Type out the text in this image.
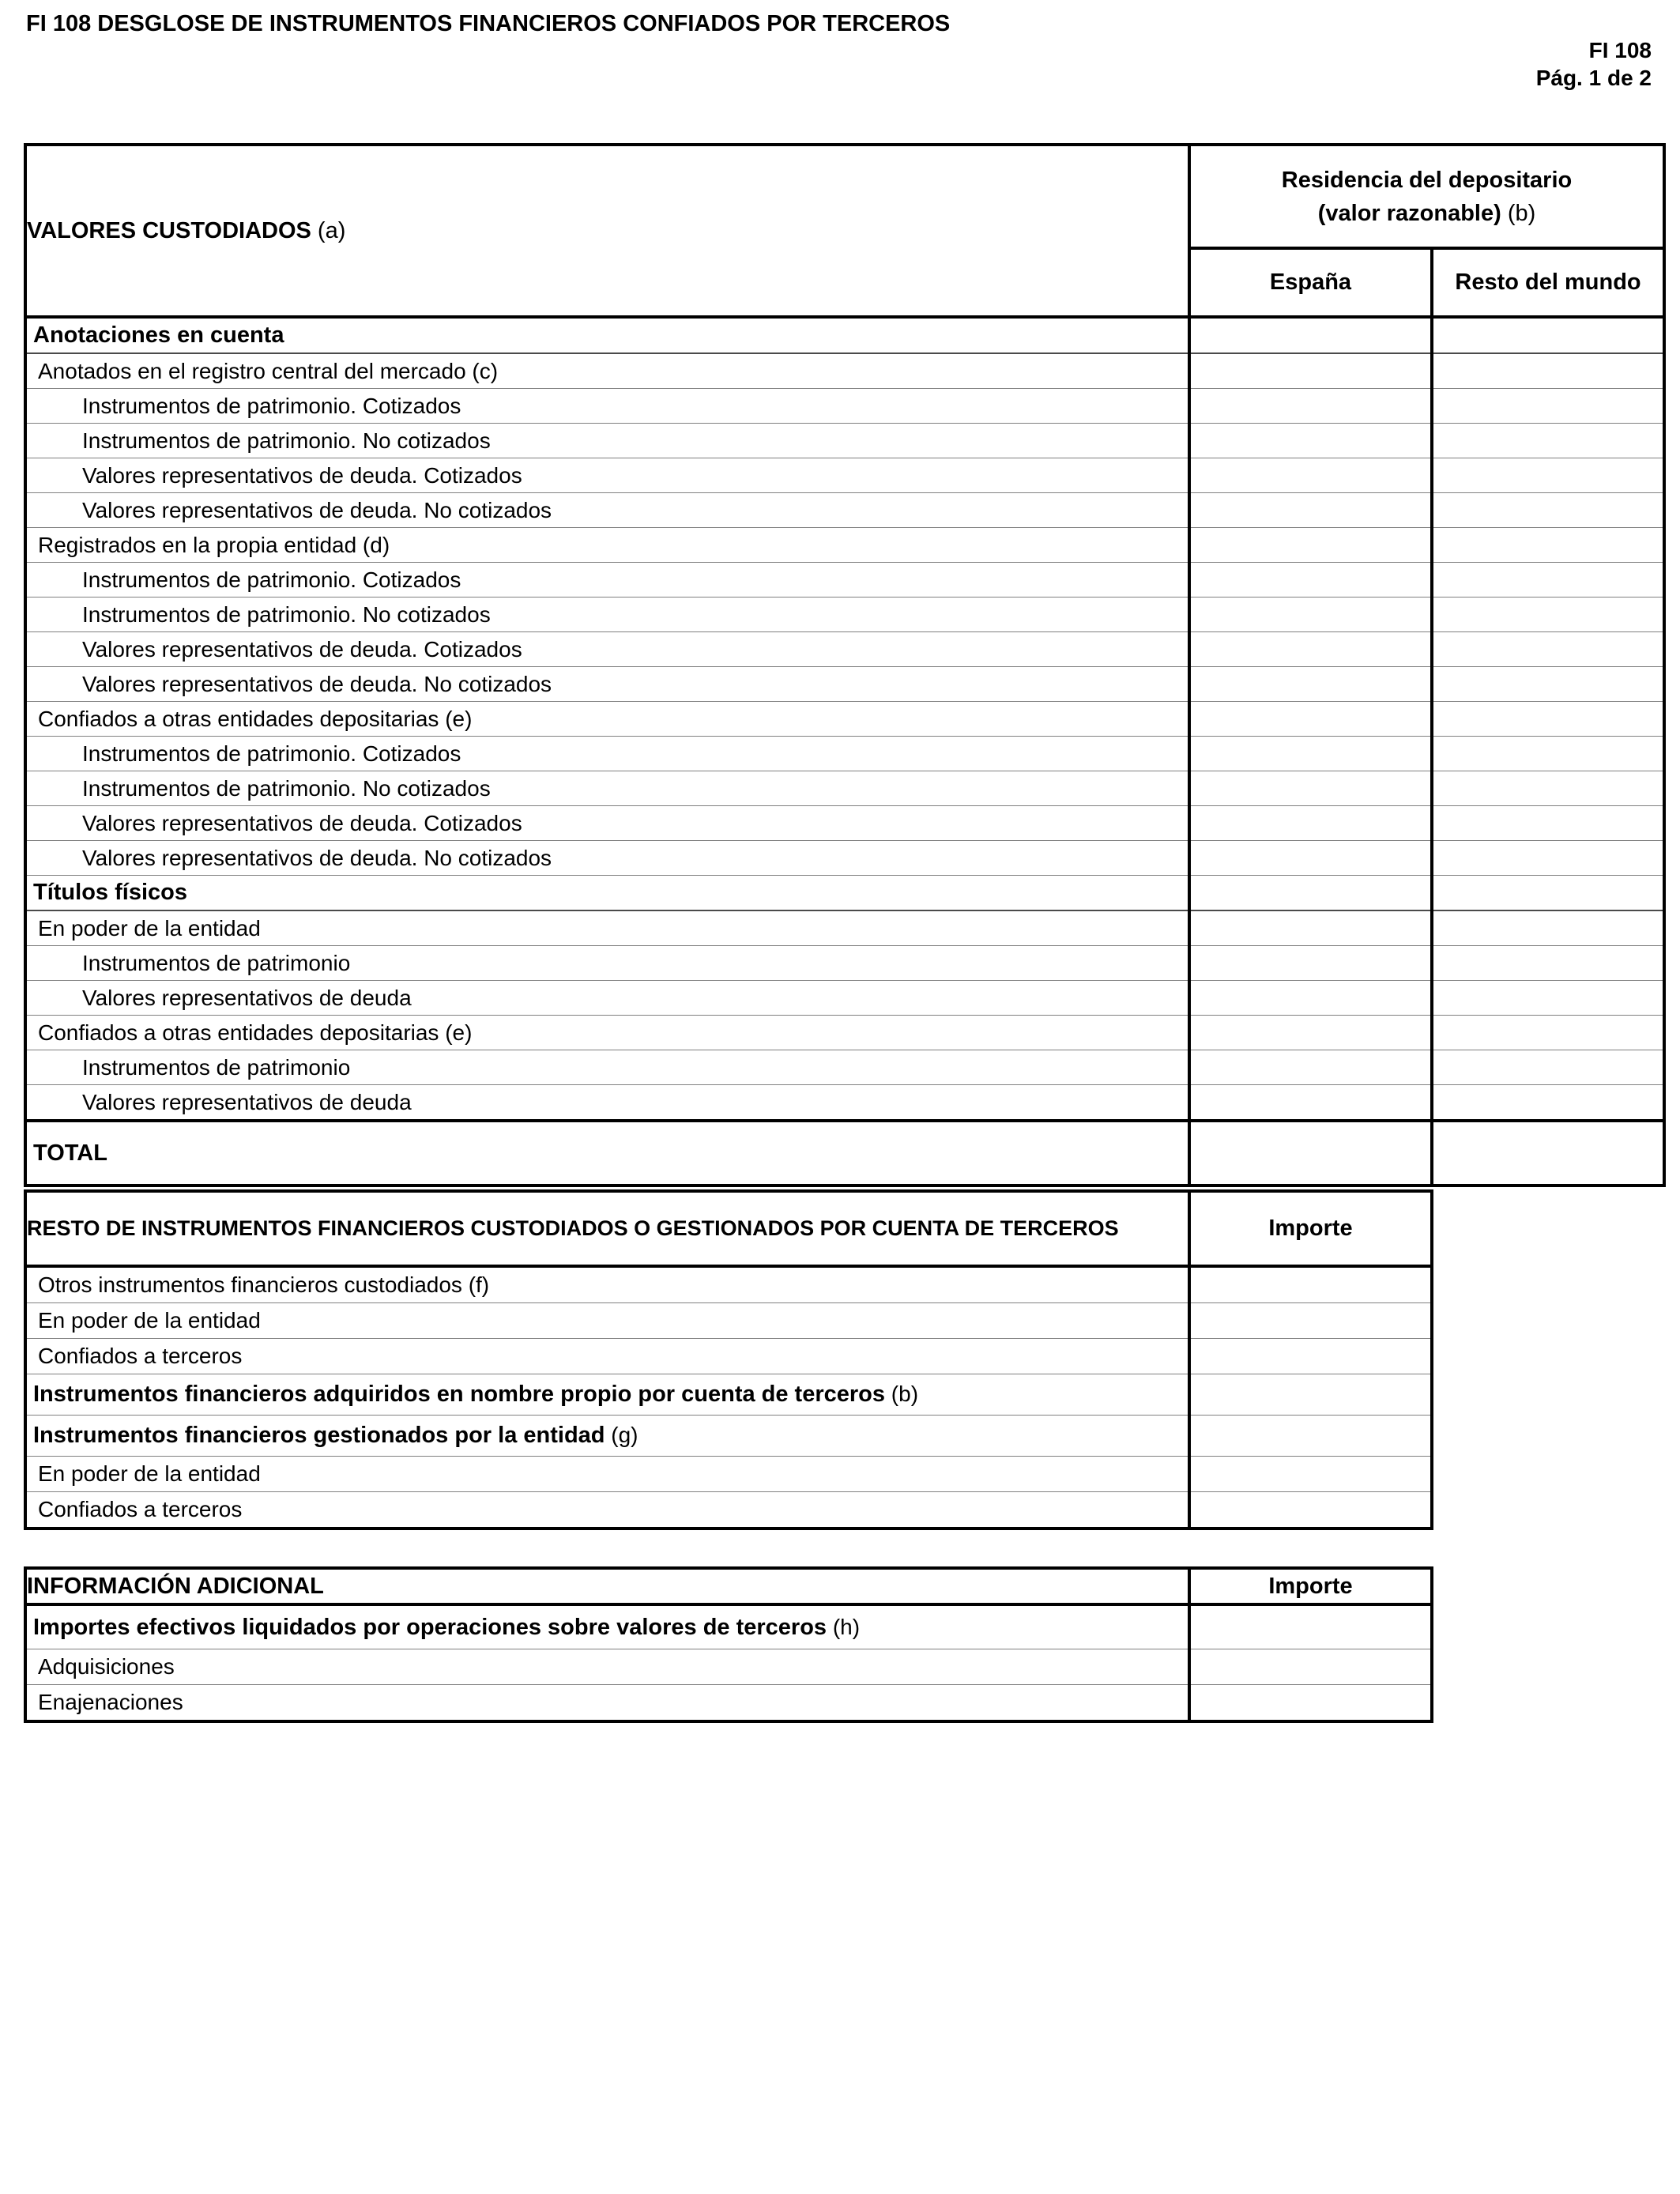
FI 108 DESGLOSE DE INSTRUMENTOS FINANCIEROS CONFIADOS POR TERCEROS
FI 108
Pág. 1 de 2
VALORES CUSTODIADOS (a)	Residencia del depositario
(valor razonable) (b)	

	España	Resto del mundo
Anotaciones en cuenta		
Anotados en el registro central del mercado (c)		
Instrumentos de patrimonio. Cotizados		
Instrumentos de patrimonio. No cotizados		
Valores representativos de deuda. Cotizados		
Valores representativos de deuda. No cotizados		
Registrados en la propia entidad (d)		
Instrumentos de patrimonio. Cotizados		
Instrumentos de patrimonio. No cotizados		
Valores representativos de deuda. Cotizados		
Valores representativos de deuda. No cotizados		
Confiados a otras entidades depositarias (e)		
Instrumentos de patrimonio. Cotizados		
Instrumentos de patrimonio. No cotizados		
Valores representativos de deuda. Cotizados		
Valores representativos de deuda. No cotizados		
Títulos físicos		
En poder de la entidad		
Instrumentos de patrimonio		
Valores representativos de deuda		
Confiados a otras entidades depositarias (e)		
Instrumentos de patrimonio		
Valores representativos de deuda		
TOTAL		
RESTO DE INSTRUMENTOS FINANCIEROS CUSTODIADOS O GESTIONADOS POR CUENTA DE TERCEROS	Importe
Otros instrumentos financieros custodiados (f)	
En poder de la entidad	
Confiados a terceros	
Instrumentos financieros adquiridos en nombre propio por cuenta de terceros (b)	
Instrumentos financieros gestionados por la entidad (g)	
En poder de la entidad	
Confiados a terceros	
INFORMACIÓN ADICIONAL	Importe
Importes efectivos liquidados por operaciones sobre valores de terceros (h)	
Adquisiciones	
Enajenaciones	
